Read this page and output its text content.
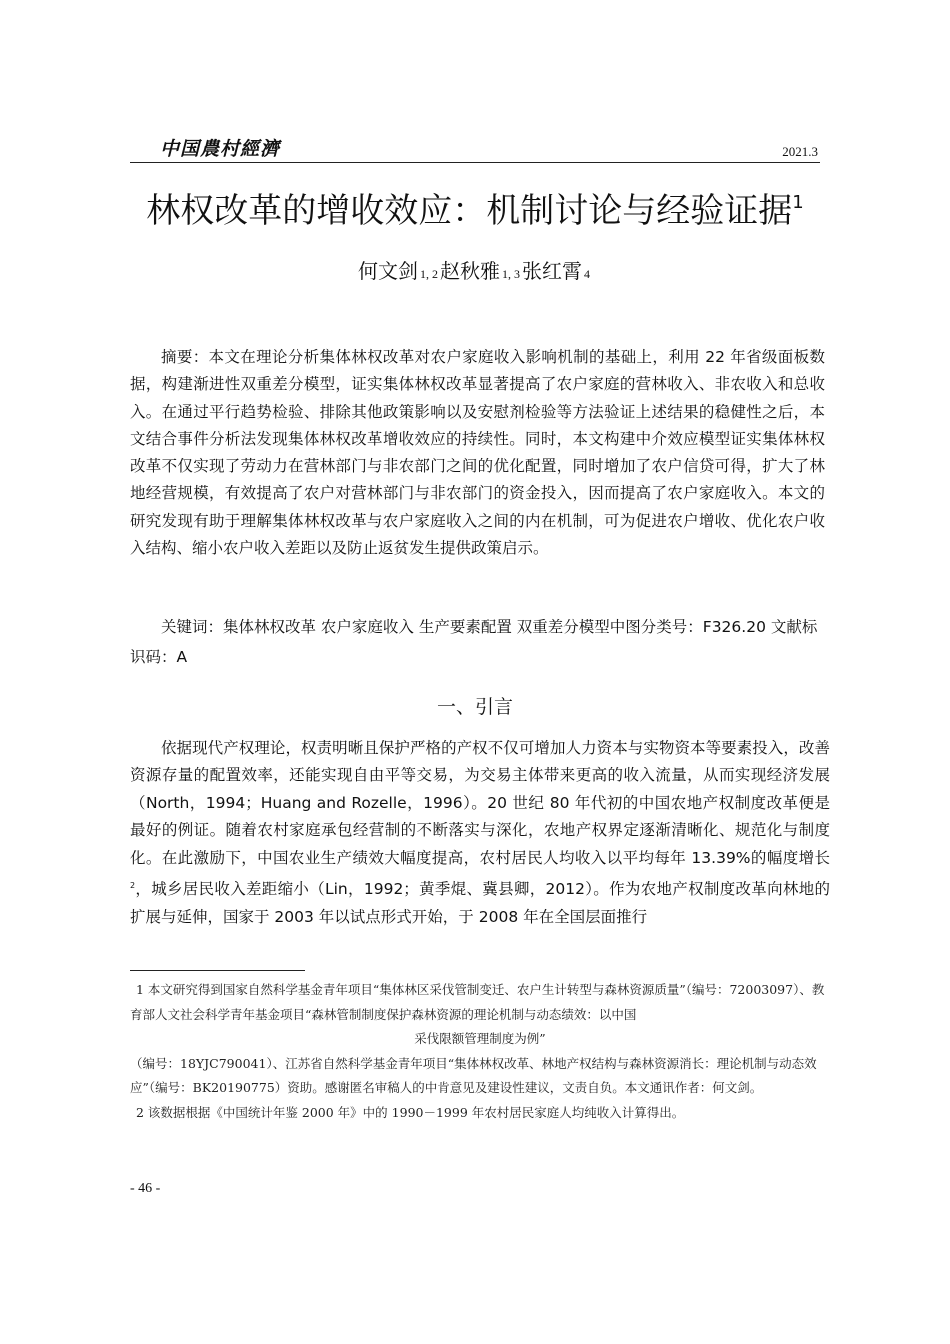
中国農村經濟	2021.3
林权改革的增收效应：机制讨论与经验证据$^1$
何文剑 1, 2 赵秋雅 1, 3 张红霄 4
摘要：本文在理论分析集体林权改革对农户家庭收入影响机制的基础上，利用 22 年省级面板数据，构建渐进性双重差分模型，证实集体林权改革显著提高了农户家庭的营林收入、非农收入和总收入。在通过平行趋势检验、排除其他政策影响以及安慰剂检验等方法验证上述结果的稳健性之后，本文结合事件分析法发现集体林权改革增收效应的持续性。同时，本文构建中介效应模型证实集体林权改革不仅实现了劳动力在营林部门与非农部门之间的优化配置，同时增加了农户信贷可得，扩大了林地经营规模，有效提高了农户对营林部门与非农部门的资金投入，因而提高了农户家庭收入。本文的研究发现有助于理解集体林权改革与农户家庭收入之间的内在机制，可为促进农户增收、优化农户收入结构、缩小农户收入差距以及防止返贫发生提供政策启示。
关键词：集体林权改革 农户家庭收入 生产要素配置 双重差分模型中图分类号：F326.20 文献标识码：A
一、引言
依据现代产权理论，权责明晰且保护严格的产权不仅可增加人力资本与实物资本等要素投入，改善资源存量的配置效率，还能实现自由平等交易，为交易主体带来更高的收入流量，从而实现经济发展（North，1994；Huang and Rozelle，1996）。20 世纪 80 年代初的中国农地产权制度改革便是最好的例证。随着农村家庭承包经营制的不断落实与深化，农地产权界定逐渐清晰化、规范化与制度化。在此激励下，中国农业生产绩效大幅度提高，农村居民人均收入以平均每年 13.39%的幅度增长$^2$，城乡居民收入差距缩小（Lin，1992；黄季焜、冀县卿，2012）。作为农地产权制度改革向林地的扩展与延伸，国家于 2003 年以试点形式开始，于 2008 年在全国层面推行

1 本文研究得到国家自然科学基金青年项目“集体林区采伐管制变迁、农户生计转型与森林资源质量”（编号：72003097）、教育部人文社会科学青年基金项目“森林管制制度保护森林资源的理论机制与动态绩效：以中国

采伐限额管理制度为例”

（编号：18YJC790041）、江苏省自然科学基金青年项目“集体林权改革、林地产权结构与森林资源消长：理论机制与动态效应”（编号：BK20190775）资助。感谢匿名审稿人的中肯意见及建设性建议，文责自负。本文通讯作者：何文剑。

2 该数据根据《中国统计年鉴 2000 年》中的 1990－1999 年农村居民家庭人均纯收入计算得出。

- 46 -
